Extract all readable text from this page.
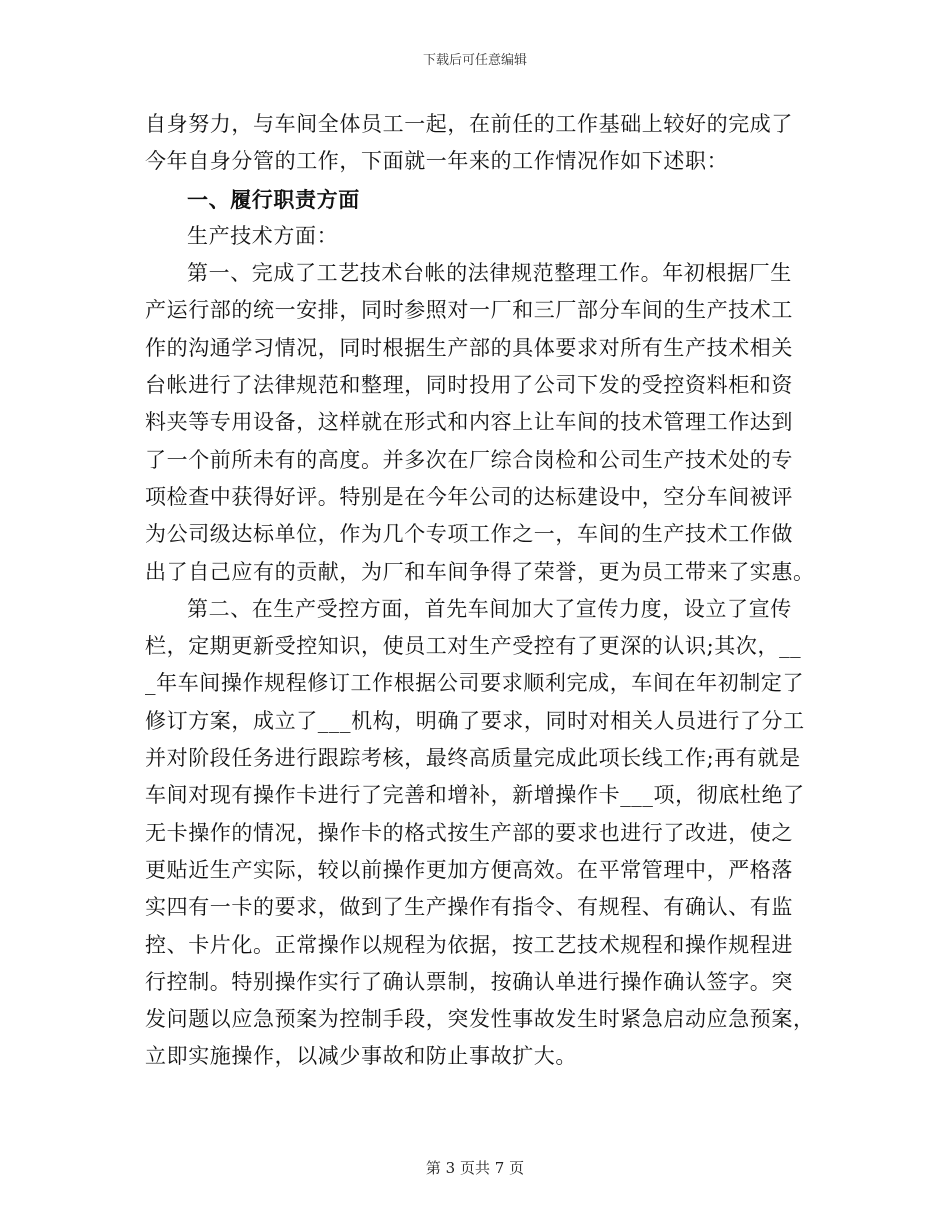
下载后可任意编辑
自身努力，与车间全体员工一起，在前任的工作基础上较好的完成了
今年自身分管的工作，下面就一年来的工作情况作如下述职：
一、履行职责方面
生产技术方面：
第一、完成了工艺技术台帐的法律规范整理工作。年初根据厂生
产运行部的统一安排，同时参照对一厂和三厂部分车间的生产技术工
作的沟通学习情况，同时根据生产部的具体要求对所有生产技术相关
台帐进行了法律规范和整理，同时投用了公司下发的受控资料柜和资
料夹等专用设备，这样就在形式和内容上让车间的技术管理工作达到
了一个前所未有的高度。并多次在厂综合岗检和公司生产技术处的专
项检查中获得好评。特别是在今年公司的达标建设中，空分车间被评
为公司级达标单位，作为几个专项工作之一，车间的生产技术工作做
出了自己应有的贡献，为厂和车间争得了荣誉，更为员工带来了实惠。
第二、在生产受控方面，首先车间加大了宣传力度，设立了宣传
栏，定期更新受控知识，使员工对生产受控有了更深的认识;其次，__
_年车间操作规程修订工作根据公司要求顺利完成，车间在年初制定了
修订方案，成立了___机构，明确了要求，同时对相关人员进行了分工
并对阶段任务进行跟踪考核，最终高质量完成此项长线工作;再有就是
车间对现有操作卡进行了完善和增补，新增操作卡___项，彻底杜绝了
无卡操作的情况，操作卡的格式按生产部的要求也进行了改进，使之
更贴近生产实际，较以前操作更加方便高效。在平常管理中，严格落
实四有一卡的要求，做到了生产操作有指令、有规程、有确认、有监
控、卡片化。正常操作以规程为依据，按工艺技术规程和操作规程进
行控制。特别操作实行了确认票制，按确认单进行操作确认签字。突
发问题以应急预案为控制手段，突发性事故发生时紧急启动应急预案，
立即实施操作，以减少事故和防止事故扩大。
第 3 页共 7 页
